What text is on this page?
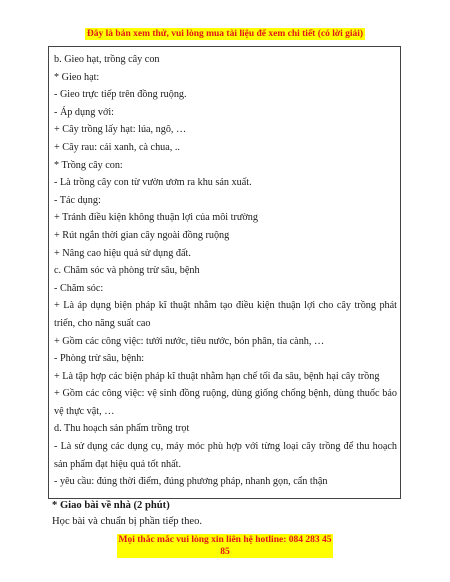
Đây là bản xem thử, vui lòng mua tài liệu để xem chi tiết (có lời giải)
b. Gieo hạt, trồng cây con
* Gieo hạt:
- Gieo trực tiếp trên đồng ruộng.
- Áp dụng với:
+ Cây trồng lấy hạt: lúa, ngô, …
+ Cây rau: cải xanh, cà chua, ..
* Trồng cây con:
- Là trồng cây con từ vườn ươm ra khu sản xuất.
- Tác dụng:
+ Tránh điều kiện không thuận lợi của môi trường
+ Rút ngắn thời gian cây ngoài đồng ruộng
+ Nâng cao hiệu quả sử dụng đất.
c. Chăm sóc và phòng trừ sâu, bệnh
- Chăm sóc:
+ Là áp dụng biện pháp kĩ thuật nhằm tạo điều kiện thuận lợi cho cây trồng phát triển, cho năng suất cao
+ Gồm các công việc: tưới nước, tiêu nước, bón phân, tỉa cành, …
- Phòng trừ sâu, bệnh:
+ Là tập hợp các biện pháp kĩ thuật nhằm hạn chế tối đa sâu, bệnh hại cây trồng
+ Gồm các công việc: vệ sinh đồng ruộng, dùng giống chống bệnh, dùng thuốc bảo vệ thực vật, …
d. Thu hoạch sản phẩm trồng trọt
- Là sử dụng các dụng cụ, máy móc phù hợp với từng loại cây trồng để thu hoạch sản phẩm đạt hiệu quả tốt nhất.
- yêu cầu: đúng thời điểm, đúng phương pháp, nhanh gọn, cẩn thận
* Giao bài về nhà (2 phút)
Học bài và chuẩn bị phần tiếp theo.
Mọi thắc mắc vui lòng xin liên hệ hotline: 084 283 45 85
